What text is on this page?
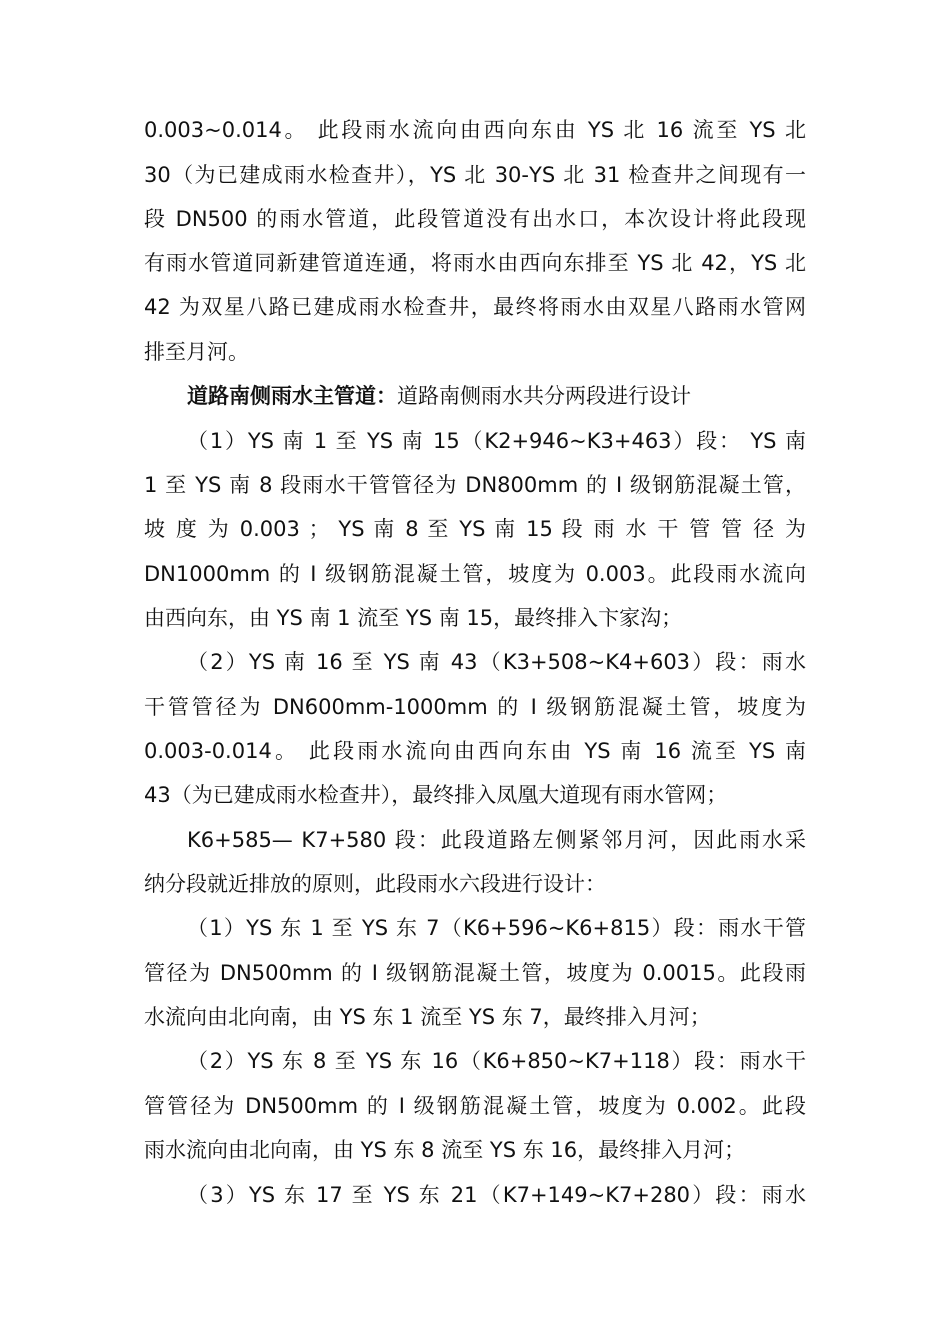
0.003~0.014。 此段雨水流向由西向东由 YS 北 16 流至 YS 北
30（为已建成雨水检查井），YS 北 30-YS 北 31 检查井之间现有一
段 DN500 的雨水管道，此段管道没有出水口，本次设计将此段现
有雨水管道同新建管道连通，将雨水由西向东排至 YS 北 42，YS 北
42 为双星八路已建成雨水检查井，最终将雨水由双星八路雨水管网
排至月河。
道路南侧雨水主管道：道路南侧雨水共分两段进行设计
（1）YS 南 1 至 YS 南 15（K2+946~K3+463）段： YS 南
1 至 YS 南 8 段雨水干管管径为 DN800mm 的 I 级钢筋混凝土管，
坡 度 为 0.003 ； YS 南 8 至 YS 南 15 段 雨 水 干 管 管 径 为
DN1000mm 的 I 级钢筋混凝土管，坡度为 0.003。此段雨水流向
由西向东，由 YS 南 1 流至 YS 南 15，最终排入卞家沟；
（2）YS 南 16 至 YS 南 43（K3+508~K4+603）段：雨水
干管管径为 DN600mm-1000mm 的 I 级钢筋混凝土管，坡度为
0.003-0.014。 此段雨水流向由西向东由 YS 南 16 流至 YS 南
43（为已建成雨水检查井），最终排入凤凰大道现有雨水管网；
K6+585— K7+580 段：此段道路左侧紧邻月河，因此雨水采
纳分段就近排放的原则，此段雨水六段进行设计：
（1）YS 东 1 至 YS 东 7（K6+596~K6+815）段：雨水干管
管径为 DN500mm 的 I 级钢筋混凝土管，坡度为 0.0015。此段雨
水流向由北向南，由 YS 东 1 流至 YS 东 7，最终排入月河；
（2）YS 东 8 至 YS 东 16（K6+850~K7+118）段：雨水干
管管径为 DN500mm 的 I 级钢筋混凝土管，坡度为 0.002。此段
雨水流向由北向南，由 YS 东 8 流至 YS 东 16，最终排入月河；
（3）YS 东 17 至 YS 东 21（K7+149~K7+280）段：雨水
